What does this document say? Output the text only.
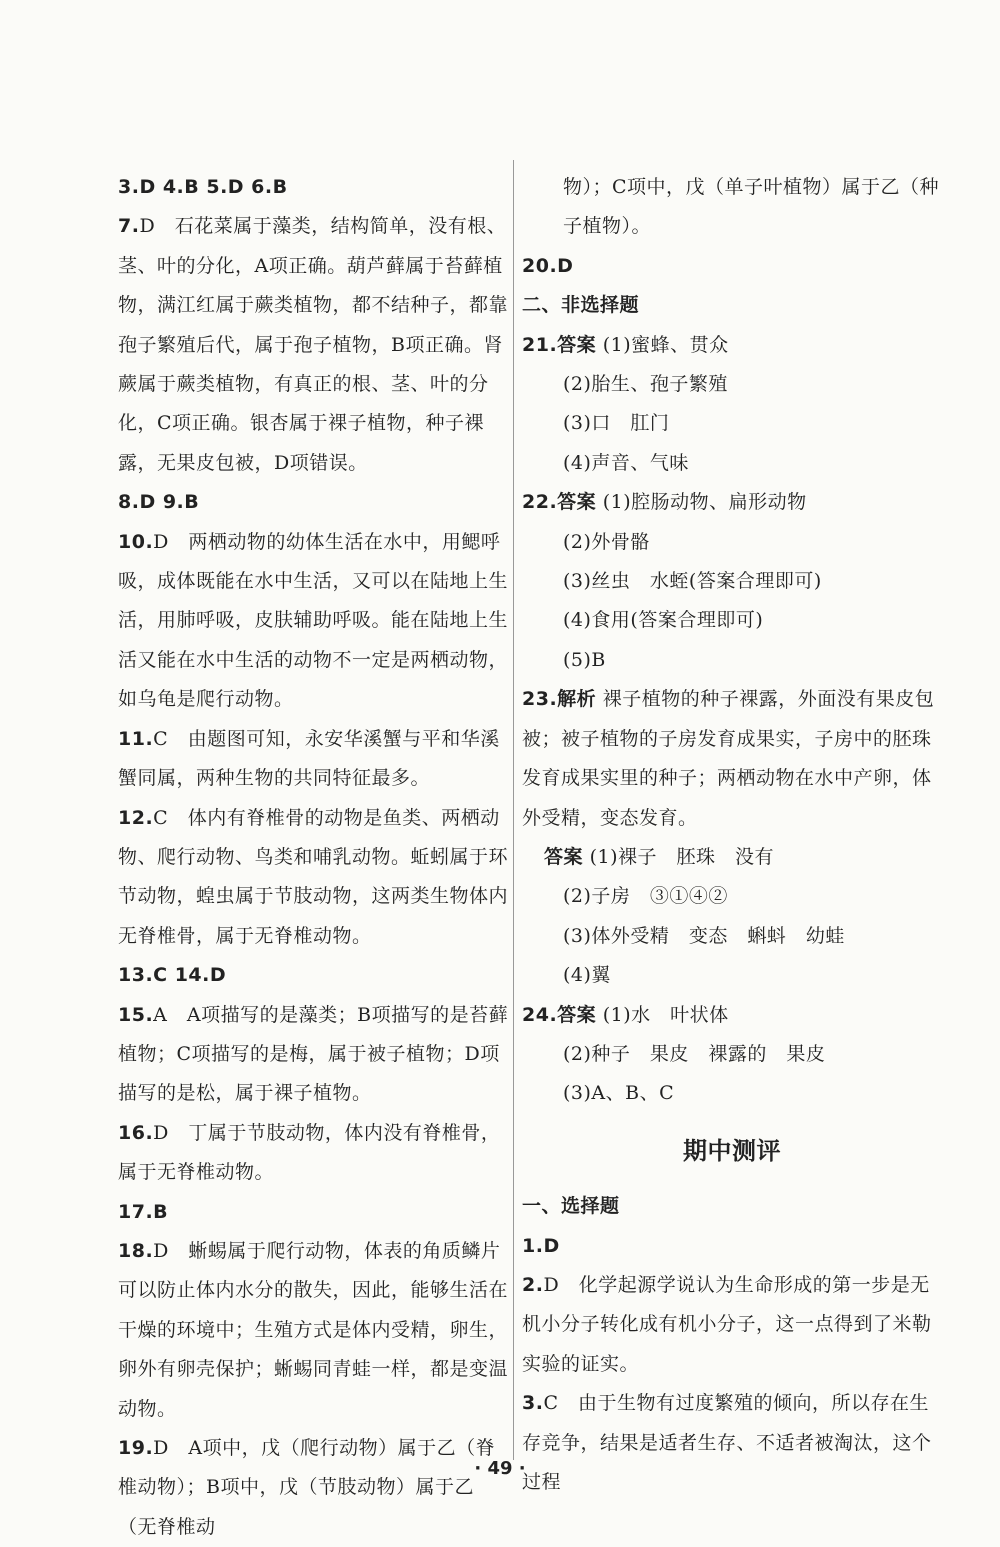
3.D 4.B 5.D 6.B
7.D　 石花菜属于藻类，结构简单，没有根、茎、叶的分化，A项正确。葫芦藓属于苔藓植物，满江红属于蕨类植物，都不结种子，都靠孢子繁殖后代，属于孢子植物，B项正确。肾蕨属于蕨类植物，有真正的根、茎、叶的分化，C项正确。银杏属于裸子植物，种子裸露，无果皮包被，D项错误。
8.D 9.B
10.D　 两栖动物的幼体生活在水中，用鳃呼吸，成体既能在水中生活，又可以在陆地上生活，用肺呼吸，皮肤辅助呼吸。能在陆地上生活又能在水中生活的动物不一定是两栖动物，如乌龟是爬行动物。
11.C　 由题图可知，永安华溪蟹与平和华溪蟹同属，两种生物的共同特征最多。
12.C　 体内有脊椎骨的动物是鱼类、两栖动物、爬行动物、鸟类和哺乳动物。蚯蚓属于环节动物，蝗虫属于节肢动物，这两类生物体内无脊椎骨，属于无脊椎动物。
13.C 14.D
15.A　 A项描写的是藻类；B项描写的是苔藓植物；C项描写的是梅，属于被子植物；D项描写的是松，属于裸子植物。
16.D　 丁属于节肢动物，体内没有脊椎骨，属于无脊椎动物。
17.B
18.D　 蜥蜴属于爬行动物，体表的角质鳞片可以防止体内水分的散失，因此，能够生活在干燥的环境中；生殖方式是体内受精，卵生，卵外有卵壳保护；蜥蜴同青蛙一样，都是变温动物。
19.D　 A项中，戊（爬行动物）属于乙（脊椎动物）；B项中，戊（节肢动物）属于乙（无脊椎动
物）；C项中，戊（单子叶植物）属于乙（种子植物）。
20.D
二、非选择题
21.答案 (1)蜜蜂、贯众
(2)胎生、孢子繁殖
(3)口　肛门
(4)声音、气味
22.答案 (1)腔肠动物、扁形动物
(2)外骨骼
(3)丝虫　水蛭(答案合理即可)
(4)食用(答案合理即可)
(5)B
23.解析 裸子植物的种子裸露，外面没有果皮包被；被子植物的子房发育成果实，子房中的胚珠发育成果实里的种子；两栖动物在水中产卵，体外受精，变态发育。
答案 (1)裸子　胚珠　没有
(2)子房　③①④②
(3)体外受精　变态　蝌蚪　幼蛙
(4)翼
24.答案 (1)水　叶状体
(2)种子　果皮　裸露的　果皮
(3)A、B、C
期中测评
一、选择题
1.D
2.D　 化学起源学说认为生命形成的第一步是无机小分子转化成有机小分子，这一点得到了米勒实验的证实。
3.C　 由于生物有过度繁殖的倾向，所以存在生存竞争，结果是适者生存、不适者被淘汰，这个过程
· 49 ·
